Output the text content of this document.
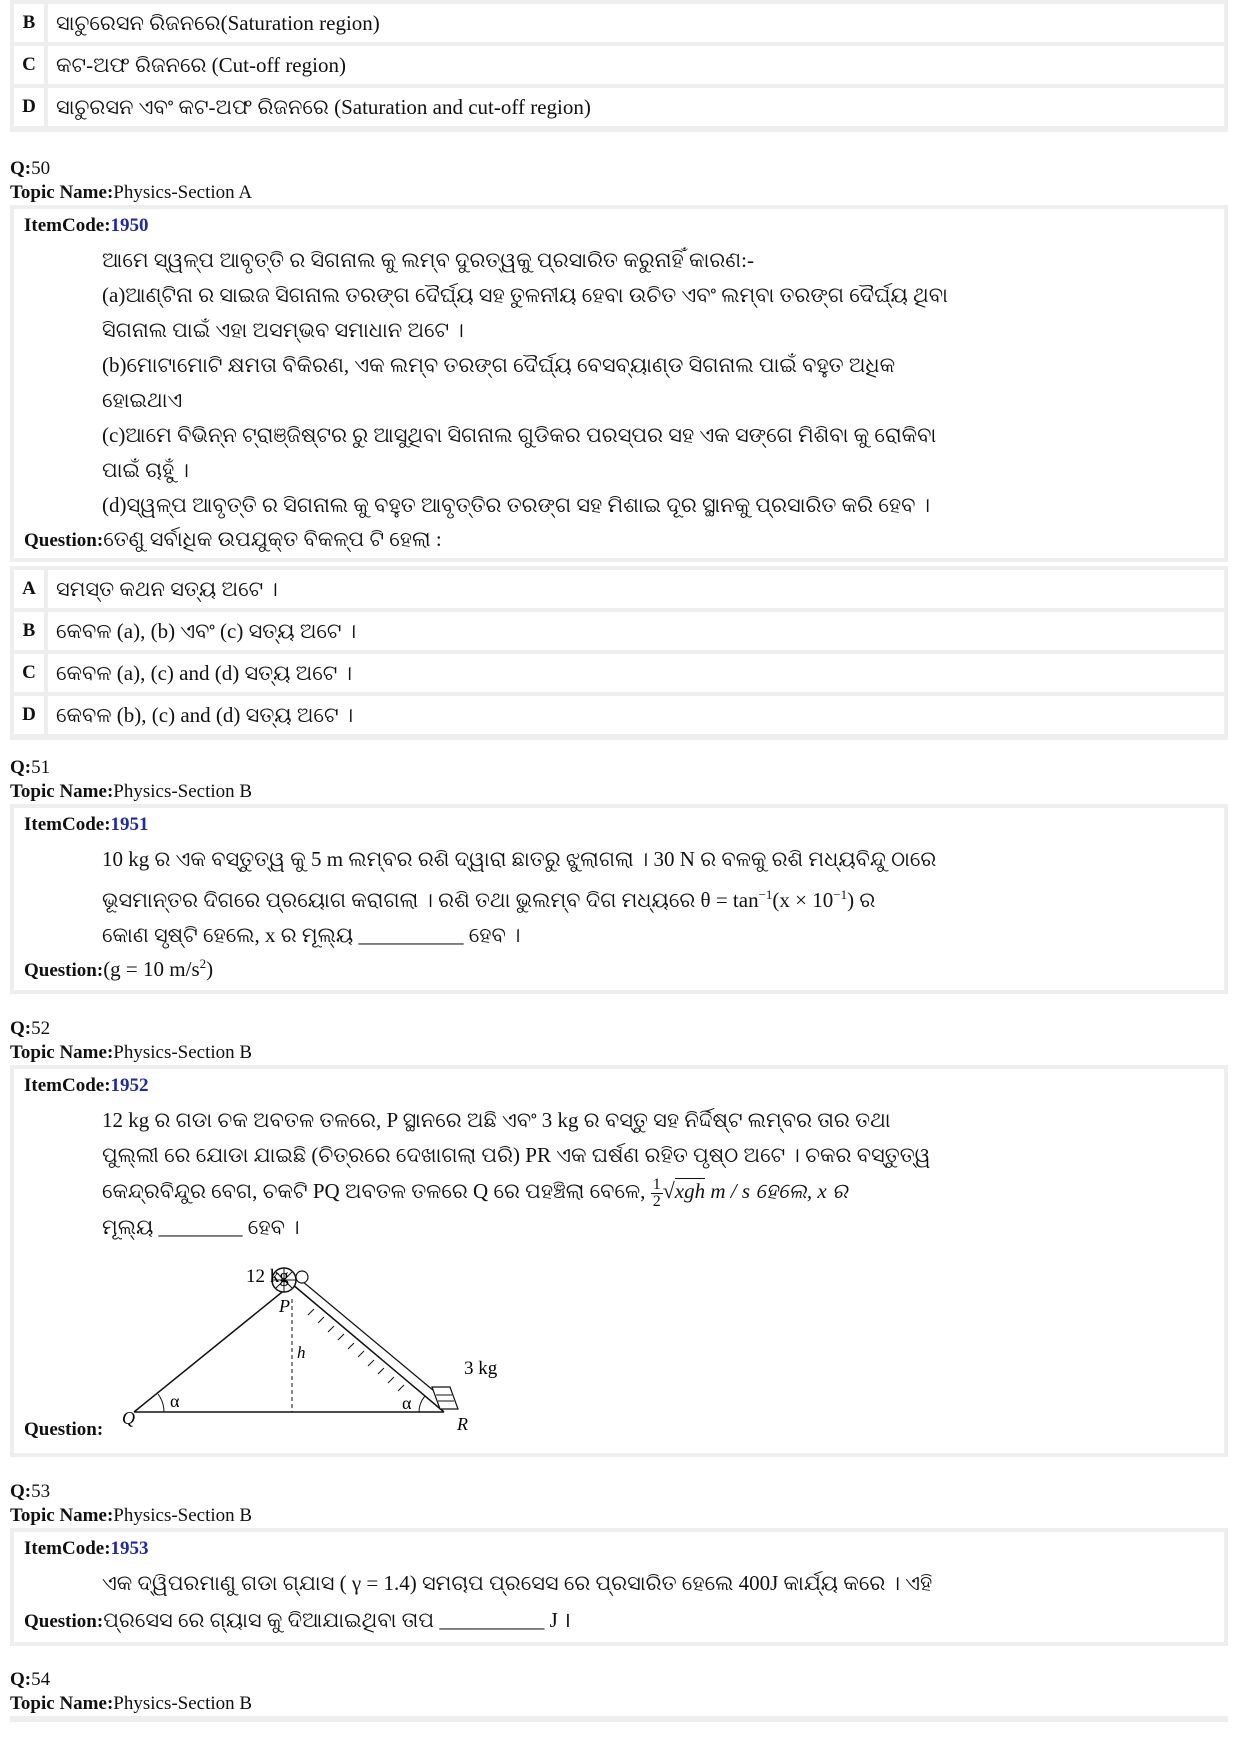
B ସାଚୁରେସନ ରିଜନରେ(Saturation region)
C କଟ-ଅଫ ରିଜନରେ (Cut-off region)
D ସାଚୁରସନ ଏବଂ କଟ-ଅଫ ରିଜନରେ (Saturation and cut-off region)
Q:50
Topic Name:Physics-Section A
ItemCode:1950
ଆମେ ସ୍ୱଳ୍ପ ଆବୃତ୍ତି ର ସିଗନାଲ କୁ ଲମ୍ବ ଦୁରତ୍ୱକୁ ପ୍ରସାରିତ କରୁନାହିଁ କାରଣ:-
(a)ଆଣ୍ଟିନା ର ସାଇଜ ସିଗନାଲ ତରଙ୍ଗ ଦୈର୍ଘ୍ୟ ସହ ତୁଳନୀୟ ହେବା ଉଚିତ ଏବଂ ଲମ୍ବା ତରଙ୍ଗ ଦୈର୍ଘ୍ୟ ଥିବା
ସିଗନାଲ ପାଇଁ ଏହା ଅସମ୍ଭବ ସମାଧାନ ଅଟେ ।
(b)ମୋଟାମୋଟି କ୍ଷମତା ବିକିରଣ, ଏକ ଲମ୍ବ ତରଙ୍ଗ ଦୈର୍ଘ୍ୟ ବେସବ୍ୟାଣ୍ଡ ସିଗନାଲ ପାଇଁ ବହୁତ ଅଧିକ
ହୋଇଥାଏ
(c)ଆମେ ବିଭିନ୍ନ ଟ୍ରାଞ୍ଜିଷ୍ଟର ରୁ ଆସୁଥିବା ସିଗନାଲ ଗୁଡିକର ପରସ୍ପର ସହ ଏକ ସଙ୍ଗେ ମିଶିବା କୁ ରୋକିବା
ପାଇଁ ଚାହୁଁ ।
(d)ସ୍ୱଳ୍ପ ଆବୃତ୍ତି ର ସିଗନାଲ କୁ ବହୁତ ଆବୃତ୍ତିର ତରଙ୍ଗ ସହ ମିଶାଇ ଦୂର ସ୍ଥାନକୁ ପ୍ରସାରିତ କରି ହେବ ।
Question:ତେଣୁ ସର୍ବାଧିକ ଉପଯୁକ୍ତ ବିକଳ୍ପ ଟି ହେଲା :
A ସମସ୍ତ କଥନ ସତ୍ୟ ଅଟେ ।
B କେବଳ (a), (b) ଏବଂ (c) ସତ୍ୟ ଅଟେ ।
C କେବଳ (a), (c) and (d) ସତ୍ୟ ଅଟେ ।
D କେବଳ (b), (c) and (d) ସତ୍ୟ ଅଟେ ।
Q:51
Topic Name:Physics-Section B
ItemCode:1951
10 kg ର ଏକ ବସ୍ତୁତ୍ୱ କୁ 5 m ଲମ୍ବର ରଶି ଦ୍ୱାରା ଛାତରୁ ଝୁଲାଗଲା । 30 N ର ବଳକୁ ରଶି ମଧ୍ୟବିନ୍ଦୁ ଠାରେ
ଭୂସମାନ୍ତର ଦିଗରେ ପ୍ରୟୋଗ କରାଗଲା । ରଶି ତଥା ଭୁଲମ୍ବ ଦିଗ ମଧ୍ୟରେ $\theta = \tan^{-1}(x \times 10^{-1})$ ର
କୋଣ ସୃଷ୍ଟି ହେଲେ, x ର ମୂଲ୍ୟ __________ ହେବ ।
Question:(g = 10 $m/s^2$)
Q:52
Topic Name:Physics-Section B
ItemCode:1952
12 kg ର ଗଡା ଚକ ଅବତଳ ତଳରେ, P ସ୍ଥାନରେ ଅଛି ଏବଂ 3 kg ର ବସ୍ତୁ ସହ ନିର୍ଦ୍ଦିଷ୍ଟ ଲମ୍ବର ତାର ତଥା
ପୁଲ୍ଲୀ ରେ ଯୋଡା ଯାଇଛି (ଚିତ୍ରରେ ଦେଖାଗଲା ପରି) PR ଏକ ଘର୍ଷଣ ରହିତ ପୃଷ୍ଠ ଅଟେ । ଚକର ବସ୍ତୁତ୍ୱ
କେନ୍ଦ୍ରବିନ୍ଦୁର ବେଗ, ଚକଟି PQ ଅବତଳ ତଳରେ Q ରେ ପହଞ୍ଚିଲା ବେଳେ, $\frac{1}{2} √xgh$ m / s ହେଲେ, x ର
ମୂଲ୍ୟ ________ ହେବ ।
12 kg
3 kg
P
Q	R
h
α	α
Question:
Q:53
Topic Name:Physics-Section B
ItemCode:1953
ଏକ ଦ୍ୱିପରମାଣୁ ଗଡା ଗ୍ଯାସ ( γ = 1.4) ସମଚାପ ପ୍ରସେସ ରେ ପ୍ରସାରିତ ହେଲେ 400J କାର୍ଯ୍ୟ କରେ । ଏହି
Question:ପ୍ରସେସ ରେ ଗ୍ୟାସ କୁ ଦିଆଯାଇଥିବା ତାପ __________ J ।
Q:54
Topic Name:Physics-Section B
